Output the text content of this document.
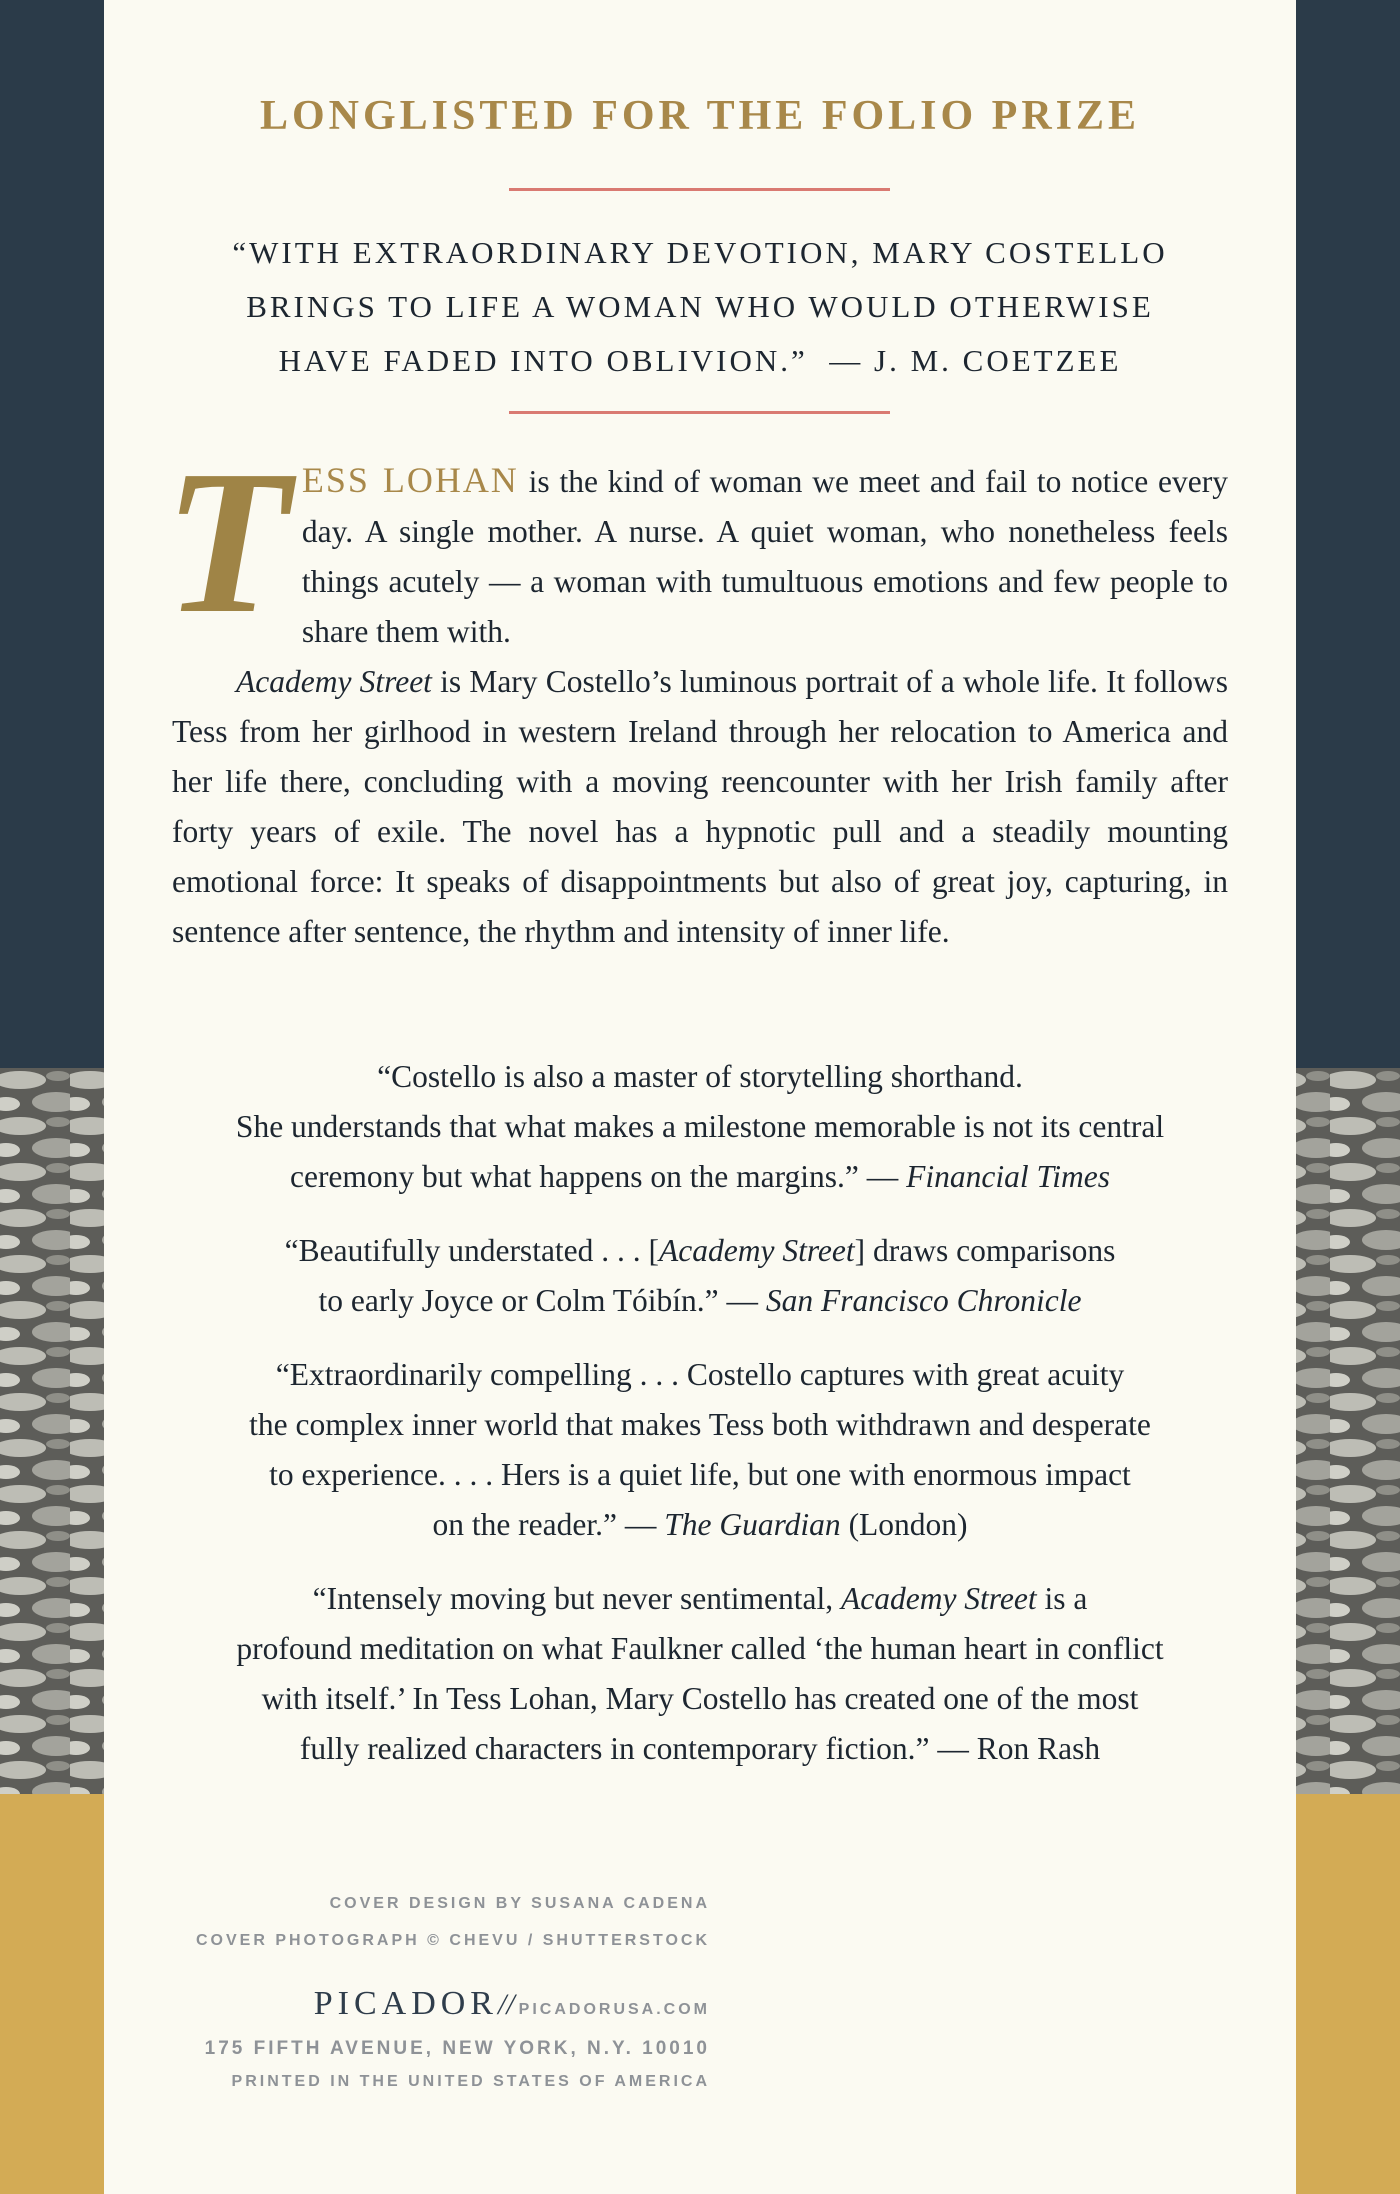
LONGLISTED FOR THE FOLIO PRIZE
“WITH EXTRAORDINARY DEVOTION, MARY COSTELLO
BRINGS TO LIFE A WOMAN WHO WOULD OTHERWISE
HAVE FADED INTO OBLIVION.” — J. M. COETZEE

TESS LOHAN is the kind of woman we meet and fail to notice every day. A single mother. A nurse. A quiet woman, who nonetheless feels things acutely — a woman with tumultuous emotions and few people to share them with.

Academy Street is Mary Costello’s luminous portrait of a whole life. It follows Tess from her girlhood in western Ireland through her relocation to America and her life there, concluding with a moving reencounter with her Irish family after forty years of exile. The novel has a hypnotic pull and a steadily mounting emotional force: It speaks of disappointments but also of great joy, capturing, in sentence after sentence, the rhythm and intensity of inner life.

“Costello is also a master of storytelling shorthand.
She understands that what makes a milestone memorable is not its central
ceremony but what happens on the margins.” — Financial Times
“Beautifully understated . . . [Academy Street] draws comparisons
to early Joyce or Colm Tóibín.” — San Francisco Chronicle
“Extraordinarily compelling . . . Costello captures with great acuity
the complex inner world that makes Tess both withdrawn and desperate
to experience. . . . Hers is a quiet life, but one with enormous impact
on the reader.” — The Guardian (London)
“Intensely moving but never sentimental, Academy Street is a
profound meditation on what Faulkner called ‘the human heart in conflict
with itself.’ In Tess Lohan, Mary Costello has created one of the most
fully realized characters in contemporary fiction.” — Ron Rash
COVER DESIGN BY SUSANA CADENA
COVER PHOTOGRAPH © CHEVU / SHUTTERSTOCK
PICADOR// PICADORUSA.COM
175 FIFTH AVENUE, NEW YORK, N.Y. 10010
PRINTED IN THE UNITED STATES OF AMERICA
